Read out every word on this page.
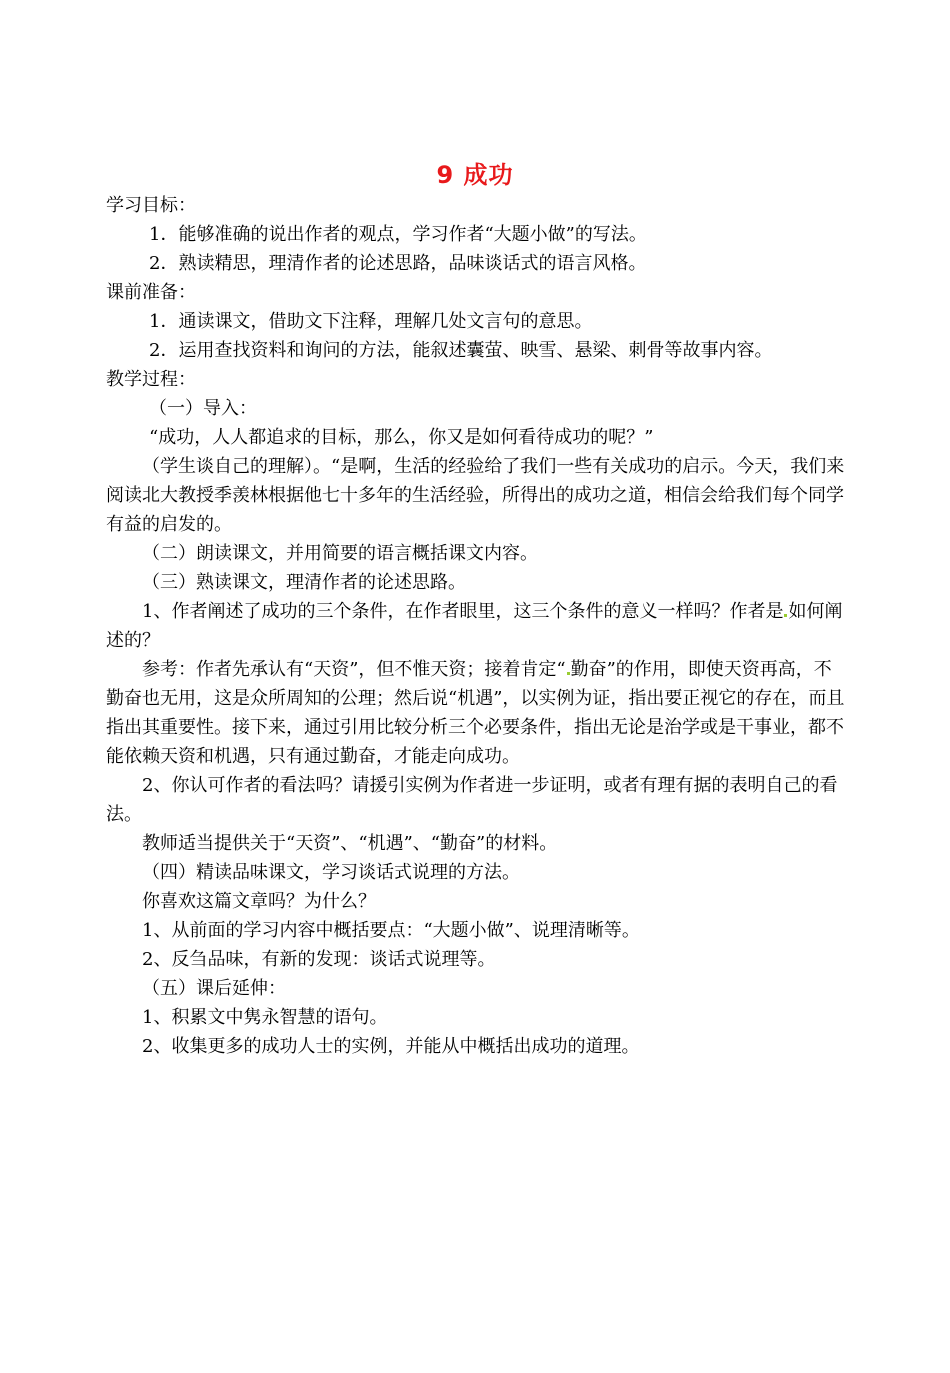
9 成功

学习目标：

1．能够准确的说出作者的观点，学习作者“大题小做”的写法。

2．熟读精思，理清作者的论述思路，品味谈话式的语言风格。

课前准备：

1．通读课文，借助文下注释，理解几处文言句的意思。

2．运用查找资料和询问的方法，能叙述囊萤、映雪、悬梁、刺骨等故事内容。

教学过程：

（一）导入：

“成功，人人都追求的目标，那么，你又是如何看待成功的呢？”

（学生谈自己的理解）。“是啊，生活的经验给了我们一些有关成功的启示。今天，我们来阅读北大教授季羡林根据他七十多年的生活经验，所得出的成功之道，相信会给我们每个同学有益的启发的。

（二）朗读课文，并用简要的语言概括课文内容。

（三）熟读课文，理清作者的论述思路。

1、作者阐述了成功的三个条件，在作者眼里，这三个条件的意义一样吗？作者是 如何阐述的？

参考：作者先承认有“天资”，但不惟天资；接着肯定“ 勤奋”的作用，即使天资再高，不勤奋也无用，这是众所周知的公理；然后说“机遇”，以实例为证，指出要正视它的存在，而且指出其重要性。接下来，通过引用比较分析三个必要条件，指出无论是治学或是干事业，都不能依赖天资和机遇，只有通过勤奋，才能走向成功。

2、你认可作者的看法吗？请援引实例为作者进一步证明，或者有理有据的表明自己的看法。

教师适当提供关于“天资”、“机遇”、“勤奋”的材料。

（四）精读品味课文，学习谈话式说理的方法。

你喜欢这篇文章吗？为什么？

1、从前面的学习内容中概括要点：“大题小做”、说理清晰等。

2、反刍品味，有新的发现：谈话式说理等。

（五）课后延伸：

1、积累文中隽永智慧的语句。

2、收集更多的成功人士的实例，并能从中概括出成功的道理。
